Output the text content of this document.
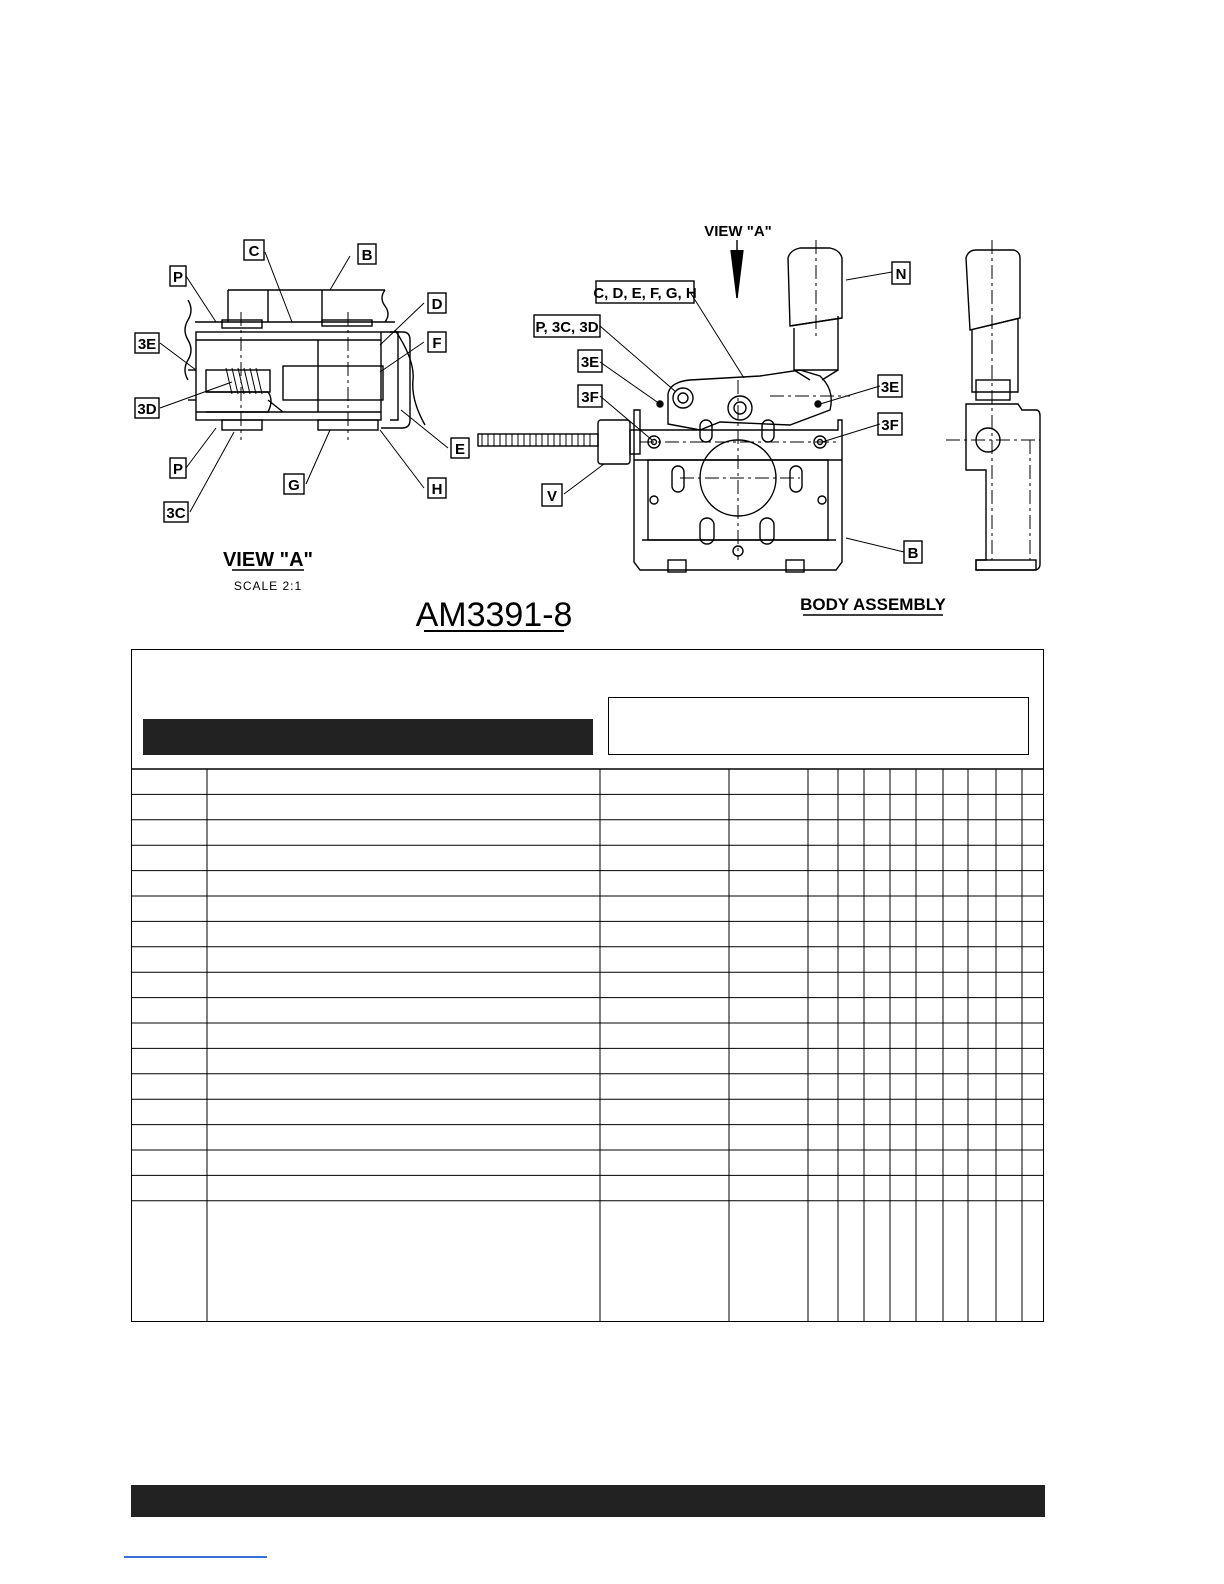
P
C	B
D
F
3E
3D
E
P
G	H
3C
C, D, E, F, G, H
P, 3C, 3D
3E
3F
N
3E
3F
V
B
VIEW "A"
VIEW "A"
SCALE 2:1
AM3391-8	BODY ASSEMBLY
